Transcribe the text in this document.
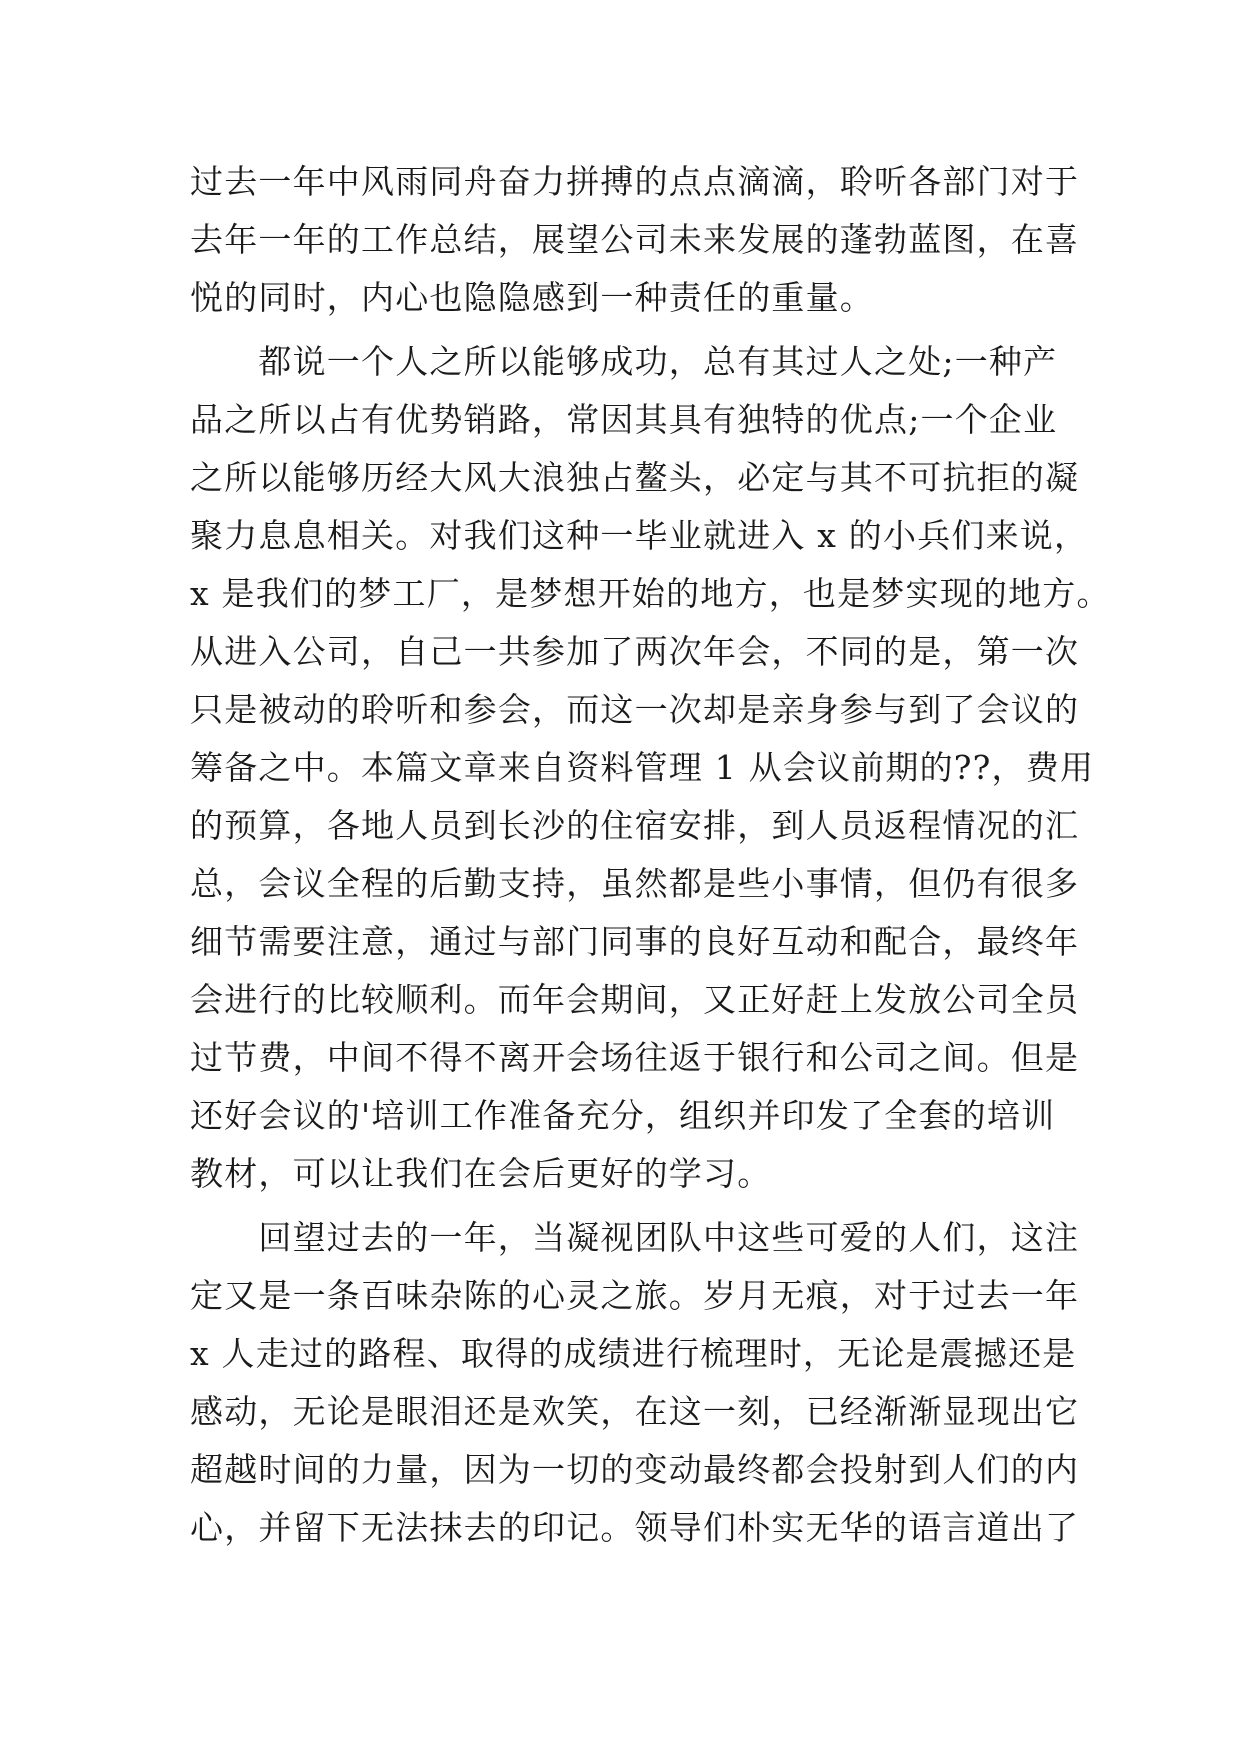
过去一年中风雨同舟奋力拼搏的点点滴滴，聆听各部门对于
去年一年的工作总结，展望公司未来发展的蓬勃蓝图，在喜
悦的同时，内心也隐隐感到一种责任的重量。
　　都说一个人之所以能够成功，总有其过人之处;一种产
品之所以占有优势销路，常因其具有独特的优点;一个企业
之所以能够历经大风大浪独占鳌头，必定与其不可抗拒的凝
聚力息息相关。对我们这种一毕业就进入 x 的小兵们来说，
x 是我们的梦工厂，是梦想开始的地方，也是梦实现的地方。
从进入公司，自己一共参加了两次年会，不同的是，第一次
只是被动的聆听和参会，而这一次却是亲身参与到了会议的
筹备之中。本篇文章来自资料管理 1 从会议前期的??，费用
的预算，各地人员到长沙的住宿安排，到人员返程情况的汇
总，会议全程的后勤支持，虽然都是些小事情，但仍有很多
细节需要注意，通过与部门同事的良好互动和配合，最终年
会进行的比较顺利。而年会期间，又正好赶上发放公司全员
过节费，中间不得不离开会场往返于银行和公司之间。但是
还好会议的'培训工作准备充分，组织并印发了全套的培训
教材，可以让我们在会后更好的学习。
　　回望过去的一年，当凝视团队中这些可爱的人们，这注
定又是一条百味杂陈的心灵之旅。岁月无痕，对于过去一年
x 人走过的路程、取得的成绩进行梳理时，无论是震撼还是
感动，无论是眼泪还是欢笑，在这一刻，已经渐渐显现出它
超越时间的力量，因为一切的变动最终都会投射到人们的内
心，并留下无法抹去的印记。领导们朴实无华的语言道出了
